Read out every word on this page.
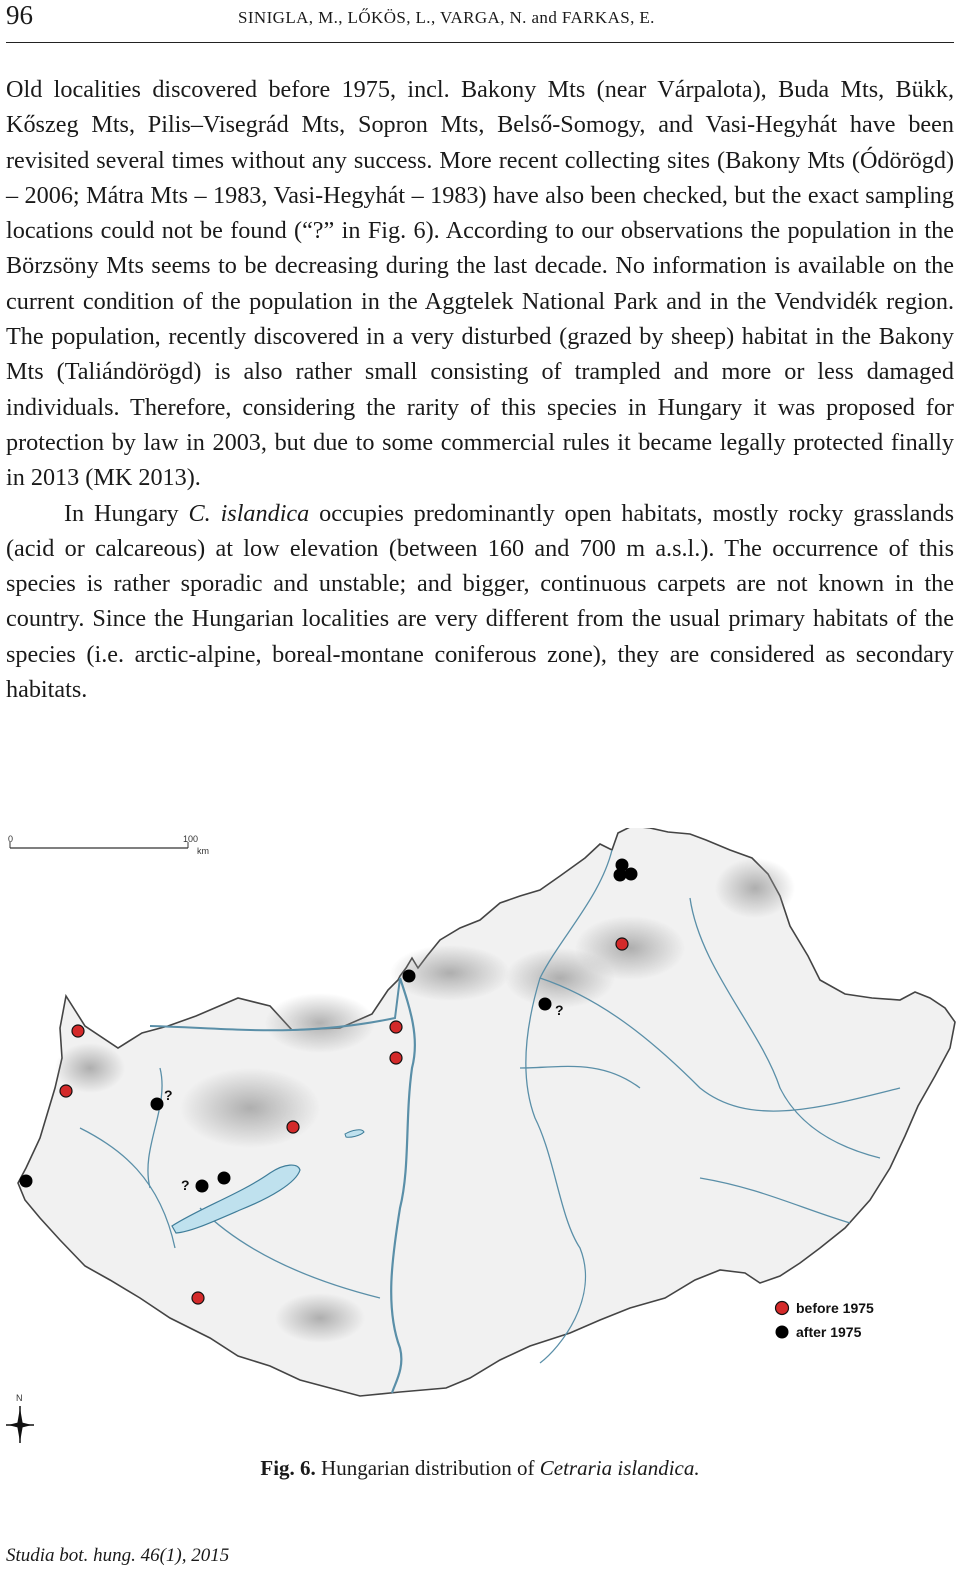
96	SINIGLA, M., LŐKÖS, L., VARGA, N. and FARKAS, E.

Old localities discovered before 1975, incl. Bakony Mts (near Várpalota), Buda Mts, Bükk, Kőszeg Mts, Pilis–Visegrád Mts, Sopron Mts, Belső-Somogy, and Vasi-Hegyhát have been revisited several times without any success. More recent collecting sites (Bakony Mts (Ódörögd) – 2006; Mátra Mts – 1983, Vasi-Hegyhát – 1983) have also been checked, but the exact sampling locations could not be found (“?” in Fig. 6). According to our observations the population in the Börzsöny Mts seems to be decreasing during the last decade. No information is available on the current condition of the population in the Aggtelek National Park and in the Vendvidék region. The population, recently discovered in a very disturbed (grazed by sheep) habitat in the Bakony Mts (Taliándörögd) is also rather small consisting of trampled and more or less damaged individuals. Therefore, considering the rarity of this species in Hungary it was proposed for protection by law in 2003, but due to some commercial rules it became legally protected finally in 2013 (MK 2013).

In Hungary C. islandica occupies predominantly open habitats, mostly rocky grasslands (acid or calcareous) at low elevation (between 160 and 700 m a.s.l.). The occurrence of this species is rather sporadic and unstable; and bigger, continuous carpets are not known in the country. Since the Hungarian localities are very different from the usual primary habitats of the species (i.e. arctic-alpine, boreal-montane coniferous zone), they are considered as secondary habitats.

0	100
km
?
?
?
before 1975
after 1975
N
Fig. 6. Hungarian distribution of Cetraria islandica.
Studia bot. hung. 46(1), 2015
